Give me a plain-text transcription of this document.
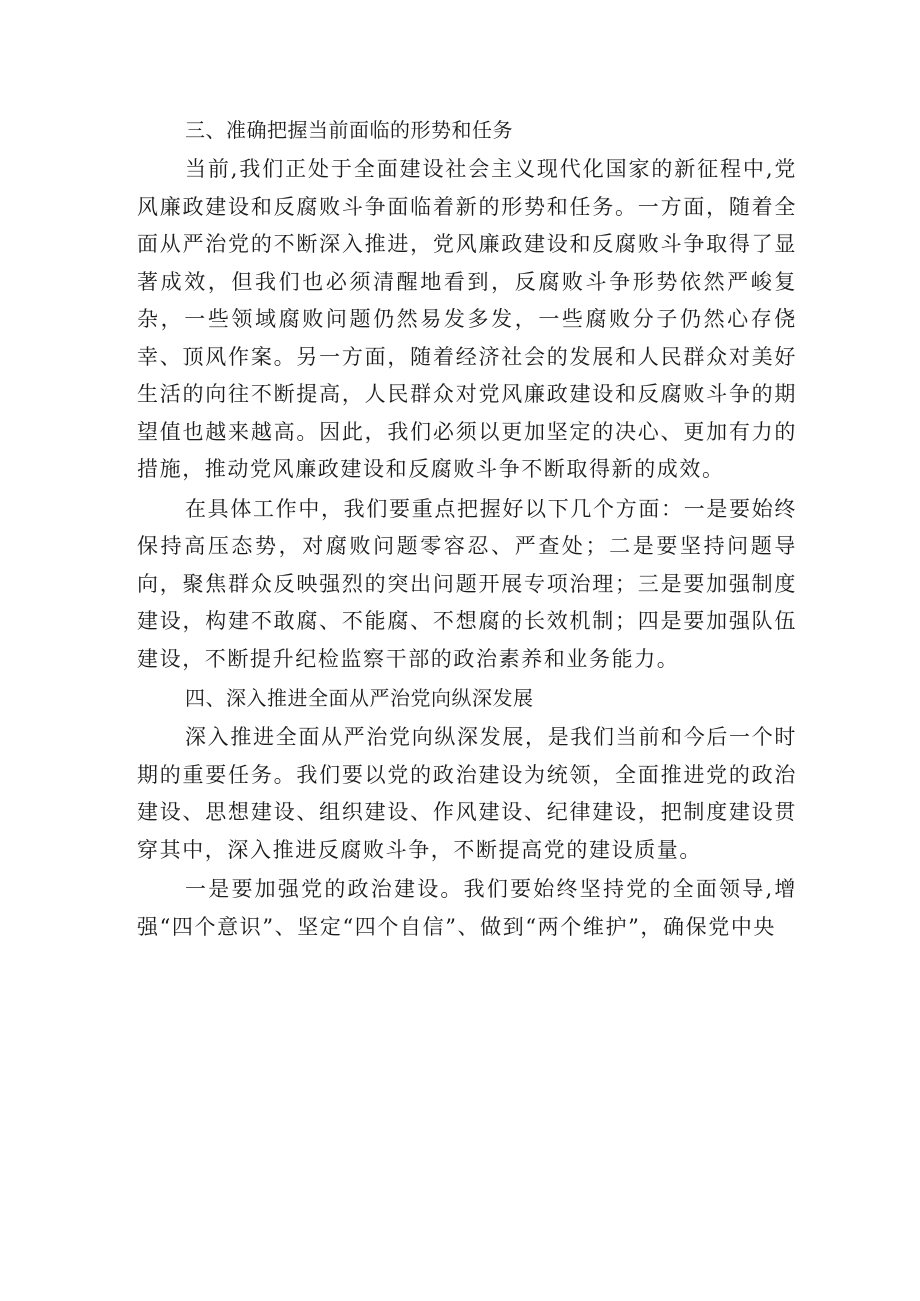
三、准确把握当前面临的形势和任务

当前,我们正处于全面建设社会主义现代化国家的新征程中,党风廉政建设和反腐败斗争面临着新的形势和任务。一方面，随着全面从严治党的不断深入推进，党风廉政建设和反腐败斗争取得了显著成效，但我们也必须清醒地看到，反腐败斗争形势依然严峻复杂，一些领域腐败问题仍然易发多发，一些腐败分子仍然心存侥幸、顶风作案。另一方面，随着经济社会的发展和人民群众对美好生活的向往不断提高，人民群众对党风廉政建设和反腐败斗争的期望值也越来越高。因此，我们必须以更加坚定的决心、更加有力的措施，推动党风廉政建设和反腐败斗争不断取得新的成效。

在具体工作中，我们要重点把握好以下几个方面：一是要始终保持高压态势，对腐败问题零容忍、严查处；二是要坚持问题导向，聚焦群众反映强烈的突出问题开展专项治理；三是要加强制度建设，构建不敢腐、不能腐、不想腐的长效机制；四是要加强队伍建设，不断提升纪检监察干部的政治素养和业务能力。

四、深入推进全面从严治党向纵深发展

深入推进全面从严治党向纵深发展，是我们当前和今后一个时期的重要任务。我们要以党的政治建设为统领，全面推进党的政治建设、思想建设、组织建设、作风建设、纪律建设，把制度建设贯穿其中，深入推进反腐败斗争，不断提高党的建设质量。

一是要加强党的政治建设。我们要始终坚持党的全面领导,增强“四个意识”、坚定“四个自信”、做到“两个维护”，确保党中央
